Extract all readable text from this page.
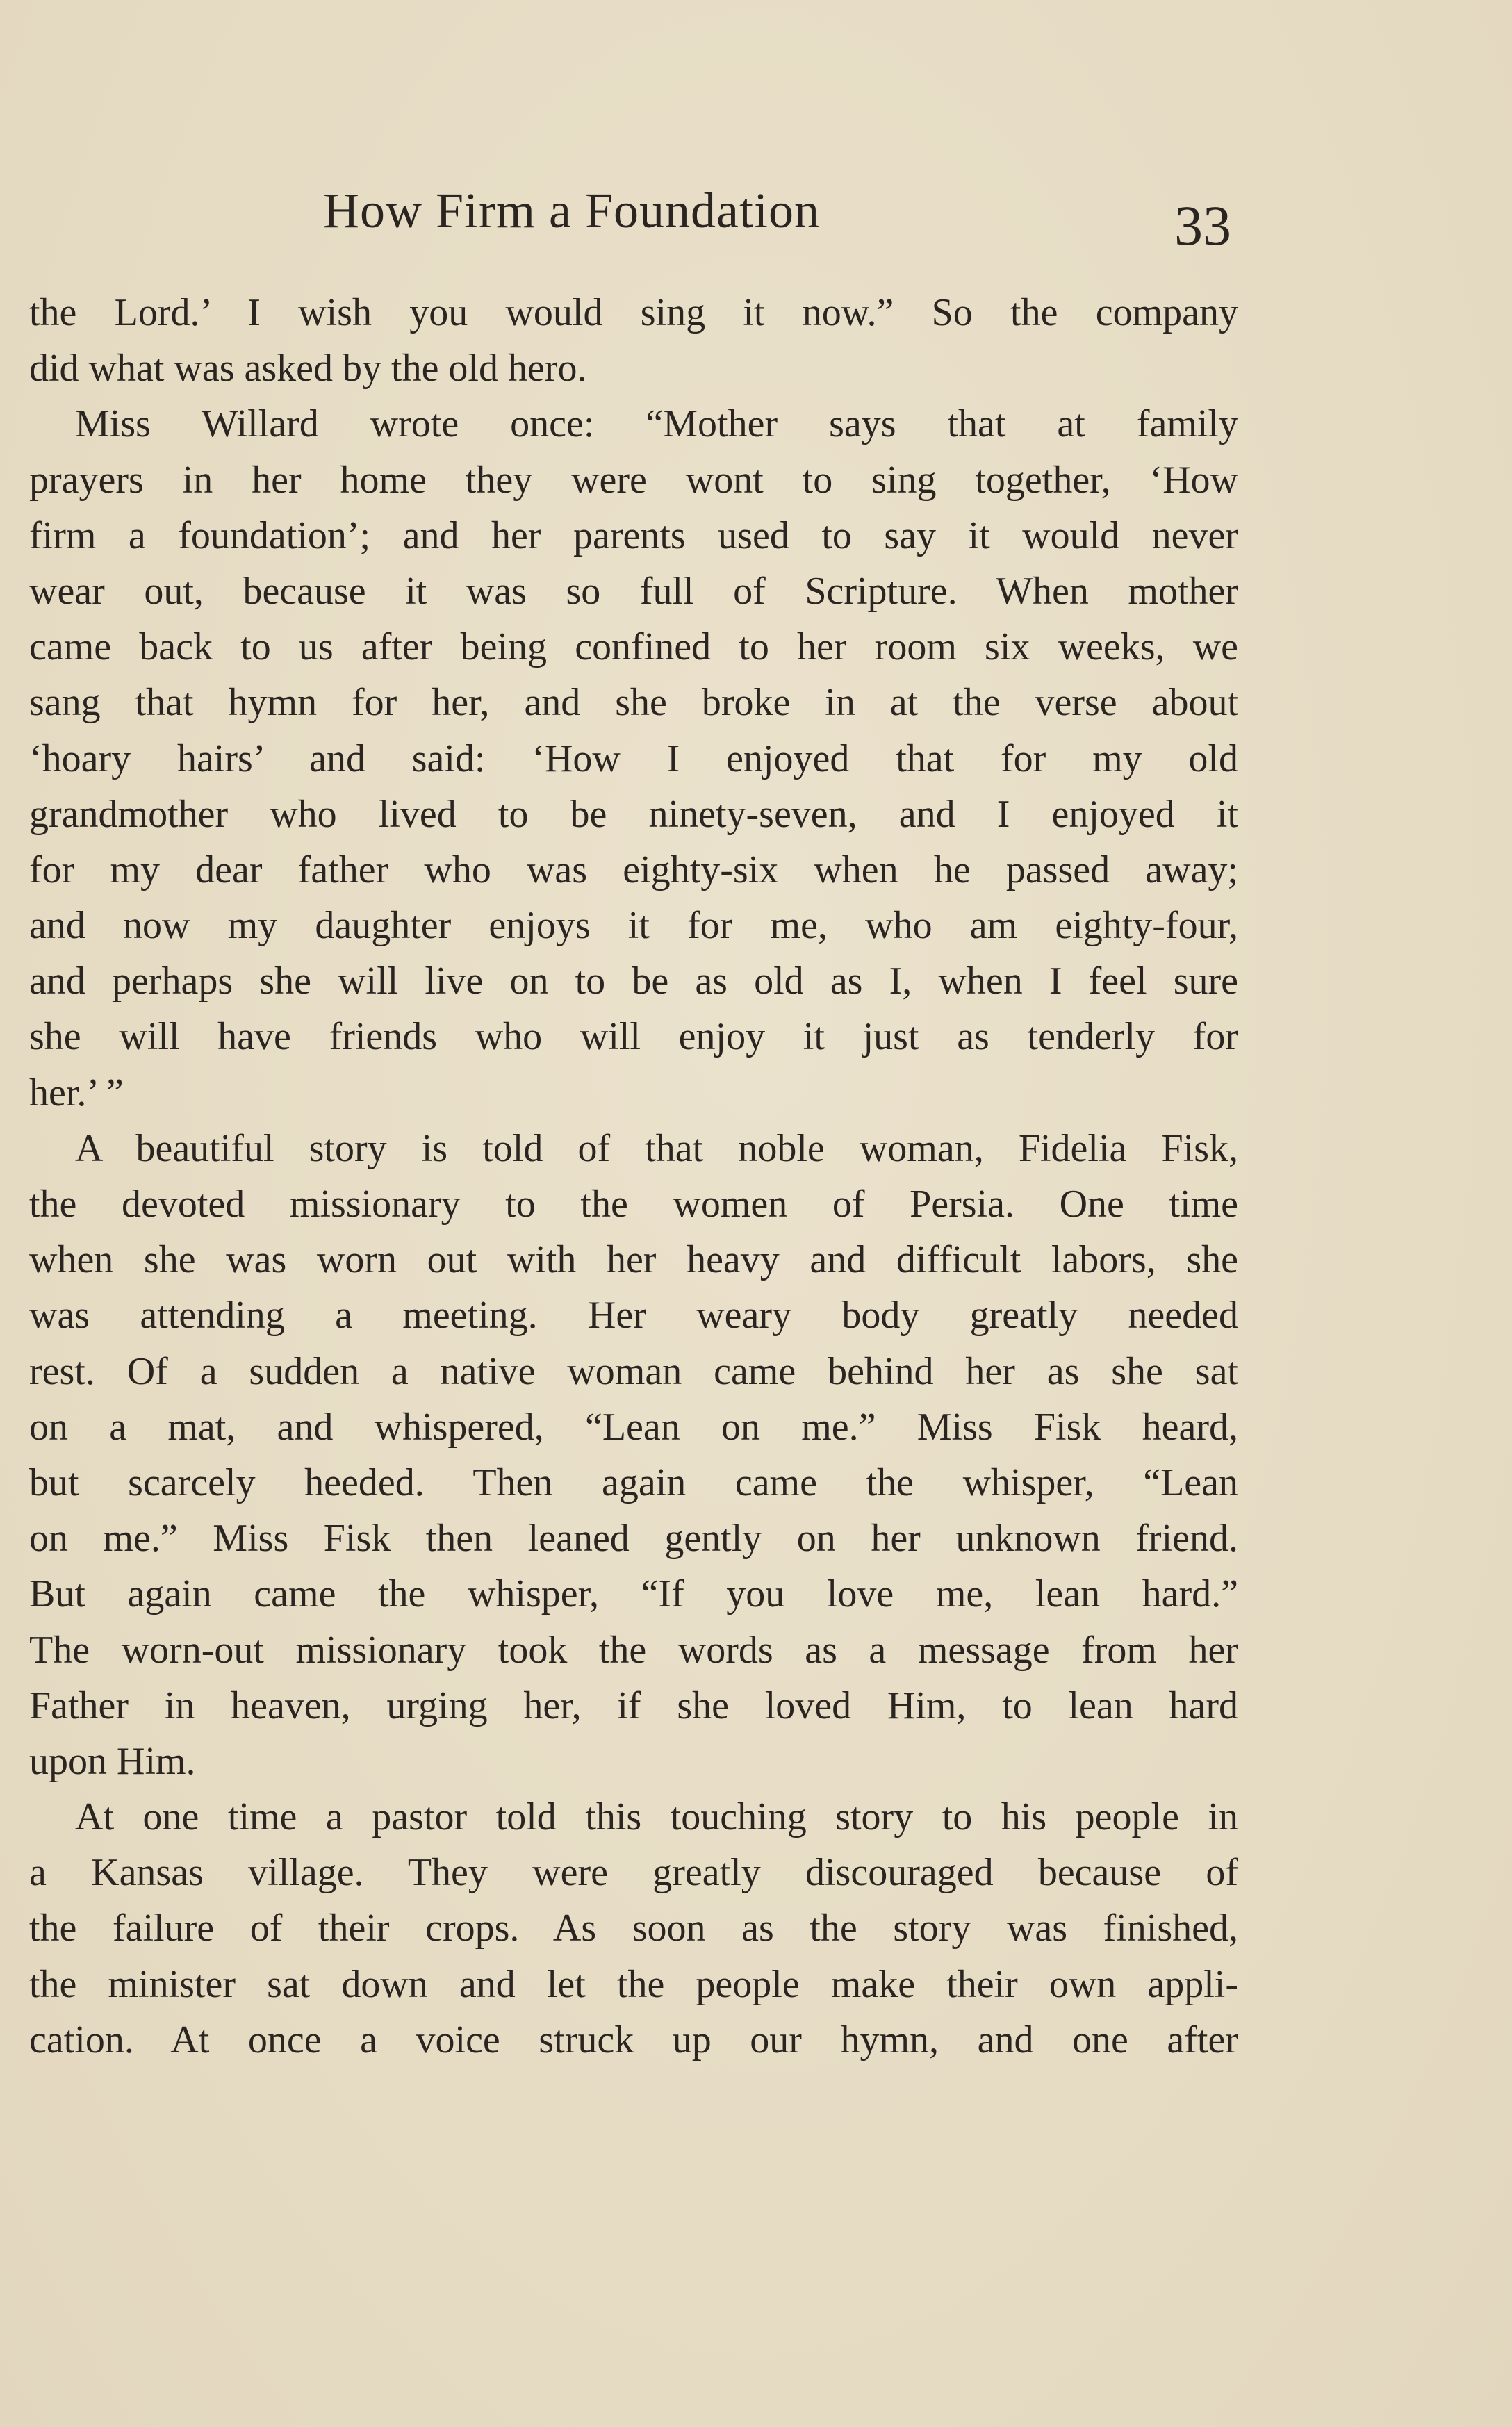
How Firm a Foundation	33
the Lord.’ I wish you would sing it now.” So the company
did what was asked by the old hero.
Miss Willard wrote once: “Mother says that at family
prayers in her home they were wont to sing together, ‘How
firm a foundation’; and her parents used to say it would never
wear out, because it was so full of Scripture. When mother
came back to us after being confined to her room six weeks, we
sang that hymn for her, and she broke in at the verse about
‘hoary hairs’ and said: ‘How I enjoyed that for my old
grandmother who lived to be ninety-seven, and I enjoyed it
for my dear father who was eighty-six when he passed away;
and now my daughter enjoys it for me, who am eighty-four,
and perhaps she will live on to be as old as I, when I feel sure
she will have friends who will enjoy it just as tenderly for
her.’ ”
A beautiful story is told of that noble woman, Fidelia Fisk,
the devoted missionary to the women of Persia. One time
when she was worn out with her heavy and difficult labors, she
was attending a meeting. Her weary body greatly needed
rest. Of a sudden a native woman came behind her as she sat
on a mat, and whispered, “Lean on me.” Miss Fisk heard,
but scarcely heeded. Then again came the whisper, “Lean
on me.” Miss Fisk then leaned gently on her unknown friend.
But again came the whisper, “If you love me, lean hard.”
The worn-out missionary took the words as a message from her
Father in heaven, urging her, if she loved Him, to lean hard
upon Him.
At one time a pastor told this touching story to his people in
a Kansas village. They were greatly discouraged because of
the failure of their crops. As soon as the story was finished,
the minister sat down and let the people make their own appli-
cation. At once a voice struck up our hymn, and one after
